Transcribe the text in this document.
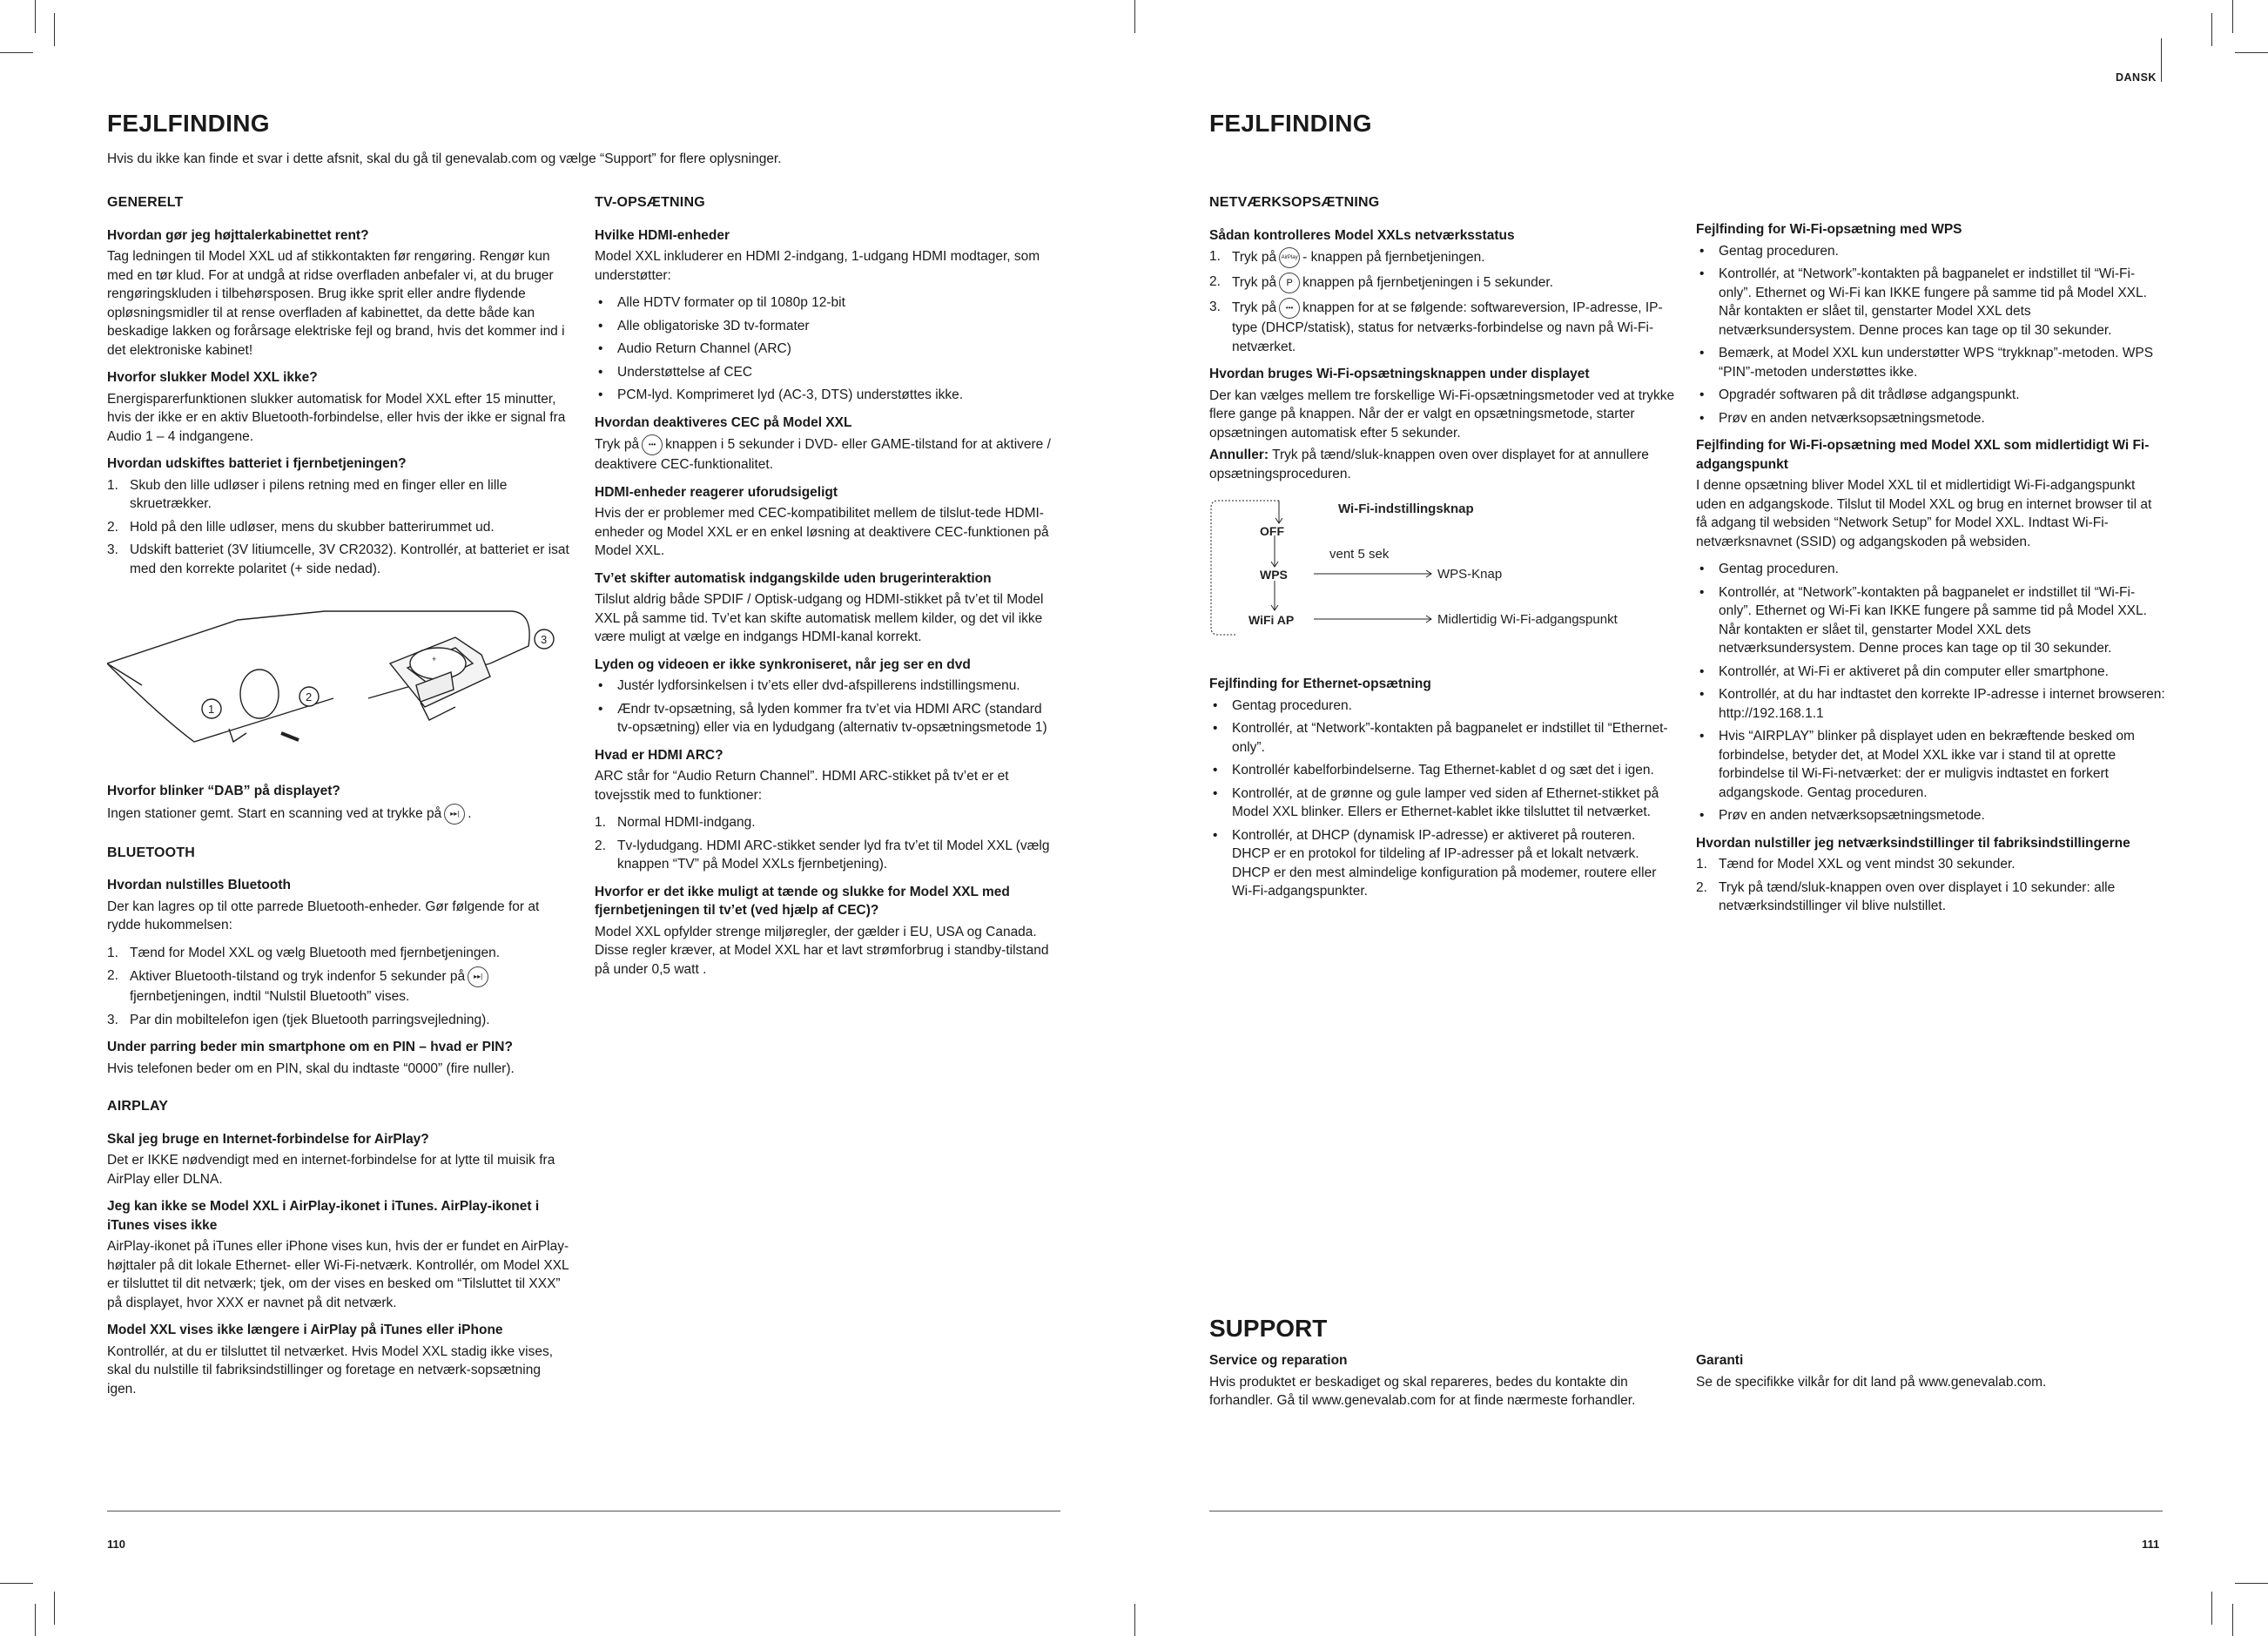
FEJLFINDING

Hvis du ikke kan finde et svar i dette afsnit, skal du gå til genevalab.com og vælge “Support” for flere oplysninger.

GENERELT
Hvordan gør jeg højttalerkabinettet rent?

Tag ledningen til Model XXL ud af stikkontakten før rengøring. Rengør kun med en tør klud. For at undgå at ridse overfladen anbefaler vi, at du bruger rengøringskluden i tilbehørsposen. Brug ikke sprit eller andre flydende opløsningsmidler til at rense overfladen af kabinettet, da dette både kan beskadige lakken og forårsage elektriske fejl og brand, hvis det kommer ind i det elektroniske kabinet!

Hvorfor slukker Model XXL ikke?

Energisparerfunktionen slukker automatisk for Model XXL efter 15 minutter, hvis der ikke er en aktiv Bluetooth-forbindelse, eller hvis der ikke er signal fra Audio 1 – 4 indgangene.

Hvordan udskiftes batteriet i fjernbetjeningen?
1. Skub den lille udløser i pilens retning med en finger eller en lille skruetrækker.
2. Hold på den lille udløser, mens du skubber batterirummet ud.
3. Udskift batteriet (3V litiumcelle, 3V CR2032). Kontrollér, at batteriet er isat med den korrekte polaritet (+ side nedad).
+
1
2
3
Hvorfor blinker “DAB” på displayet?

Ingen stationer gemt. Start en scanning ved at trykke på ▸▸| .

BLUETOOTH
Hvordan nulstilles Bluetooth

Der kan lagres op til otte parrede Bluetooth-enheder. Gør følgende for at rydde hukommelsen:

1. Tænd for Model XXL og vælg Bluetooth med fjernbetjeningen.
2. Aktiver Bluetooth-tilstand og tryk indenfor 5 sekunder på ▸▸|
fjernbetjeningen, indtil “Nulstil Bluetooth” vises.
3. Par din mobiltelefon igen (tjek Bluetooth parringsvejledning).
Under parring beder min smartphone om en PIN – hvad er PIN?

Hvis telefonen beder om en PIN, skal du indtaste “0000” (fire nuller).

AIRPLAY
Skal jeg bruge en Internet-forbindelse for AirPlay?

Det er IKKE nødvendigt med en internet-forbindelse for at lytte til muisik fra AirPlay eller DLNA.

Jeg kan ikke se Model XXL i AirPlay-ikonet i iTunes. AirPlay-ikonet i iTunes vises ikke

AirPlay-ikonet på iTunes eller iPhone vises kun, hvis der er fundet en AirPlay-højttaler på dit lokale Ethernet- eller Wi-Fi-netværk. Kontrollér, om Model XXL er tilsluttet til dit netværk; tjek, om der vises en besked om “Tilsluttet til XXX” på displayet, hvor XXX er navnet på dit netværk.

Model XXL vises ikke længere i AirPlay på iTunes eller iPhone

Kontrollér, at du er tilsluttet til netværket. Hvis Model XXL stadig ikke vises, skal du nulstille til fabriksindstillinger og foretage en netværk-sopsætning igen.

TV-OPSÆTNING
Hvilke HDMI-enheder

Model XXL inkluderer en HDMI 2-indgang, 1-udgang HDMI modtager, som understøtter:

• Alle HDTV formater op til 1080p 12-bit
• Alle obligatoriske 3D tv-formater
• Audio Return Channel (ARC)
• Understøttelse af CEC
• PCM-lyd. Komprimeret lyd (AC-3, DTS) understøttes ikke.
Hvordan deaktiveres CEC på Model XXL

Tryk på ••• knappen i 5 sekunder i DVD- eller GAME-tilstand for at aktivere / deaktivere CEC-funktionalitet.

HDMI-enheder reagerer uforudsigeligt

Hvis der er problemer med CEC-kompatibilitet mellem de tilslut-tede HDMI-enheder og Model XXL er en enkel løsning at deaktivere CEC-funktionen på Model XXL.

Tv’et skifter automatisk indgangskilde uden brugerinteraktion

Tilslut aldrig både SPDIF / Optisk-udgang og HDMI-stikket på tv’et til Model XXL på samme tid. Tv’et kan skifte automatisk mellem kilder, og det vil ikke være muligt at vælge en indgangs HDMI-kanal korrekt.

Lyden og videoen er ikke synkroniseret, når jeg ser en dvd
• Justér lydforsinkelsen i tv’ets eller dvd-afspillerens indstillingsmenu.
• Ændr tv-opsætning, så lyden kommer fra tv’et via HDMI ARC (standard tv-opsætning) eller via en lydudgang (alternativ tv-opsætningsmetode 1)
Hvad er HDMI ARC?

ARC står for “Audio Return Channel”. HDMI ARC-stikket på tv’et er et tovejsstik med to funktioner:

1. Normal HDMI-indgang.
2. Tv-lydudgang. HDMI ARC-stikket sender lyd fra tv’et til Model XXL (vælg knappen “TV” på Model XXLs fjernbetjening).
Hvorfor er det ikke muligt at tænde og slukke for Model XXL med fjernbetjeningen til tv’et (ved hjælp af CEC)?

Model XXL opfylder strenge miljøregler, der gælder i EU, USA og Canada. Disse regler kræver, at Model XXL har et lavt strømforbrug i standby-tilstand på under 0,5 watt .

110
DANSK
FEJLFINDING
NETVÆRKSOPSÆTNING
Sådan kontrolleres Model XXLs netværksstatus
1. Tryk på AirPlay - knappen på fjernbetjeningen.
2. Tryk på P knappen på fjernbetjeningen i 5 sekunder.
3. Tryk på ••• knappen for at se følgende: softwareversion, IP-adresse, IP-type (DHCP/statisk), status for netværks-forbindelse og navn på Wi-Fi-netværket.
Hvordan bruges Wi-Fi-opsætningsknappen under displayet

Der kan vælges mellem tre forskellige Wi-Fi-opsætningsmetoder ved at trykke flere gange på knappen. Når der er valgt en opsætningsmetode, starter opsætningen automatisk efter 5 sekunder.

Annuller: Tryk på tænd/sluk-knappen oven over displayet for at annullere opsætningsproceduren.

Wi-Fi-indstillingsknap
OFF
WPS
WiFi AP
vent 5 sek
WPS-Knap
Midlertidig Wi-Fi-adgangspunkt
Fejlfinding for Ethernet-opsætning
• Gentag proceduren.
• Kontrollér, at “Network”-kontakten på bagpanelet er indstillet til “Ethernet-only”.
• Kontrollér kabelforbindelserne. Tag Ethernet-kablet d og sæt det i igen.
• Kontrollér, at de grønne og gule lamper ved siden af Ethernet-stikket på Model XXL blinker. Ellers er Ethernet-kablet ikke tilsluttet til netværket.
• Kontrollér, at DHCP (dynamisk IP-adresse) er aktiveret på routeren. DHCP er en protokol for tildeling af IP-adresser på et lokalt netværk. DHCP er den mest almindelige konfiguration på modemer, routere eller Wi-Fi-adgangspunkter.
Fejlfinding for Wi-Fi-opsætning med WPS
• Gentag proceduren.
• Kontrollér, at “Network”-kontakten på bagpanelet er indstillet til “Wi-Fi-only”. Ethernet og Wi-Fi kan IKKE fungere på samme tid på Model XXL. Når kontakten er slået til, genstarter Model XXL dets netværksundersystem. Denne proces kan tage op til 30 sekunder.
• Bemærk, at Model XXL kun understøtter WPS “trykknap”-metoden. WPS “PIN”-metoden understøttes ikke.
• Opgradér softwaren på dit trådløse adgangspunkt.
• Prøv en anden netværksopsætningsmetode.
Fejlfinding for Wi-Fi-opsætning med Model XXL som midlertidigt Wi Fi-adgangspunkt

I denne opsætning bliver Model XXL til et midlertidigt Wi-Fi-adgangspunkt uden en adgangskode. Tilslut til Model XXL og brug en internet browser til at få adgang til websiden “Network Setup” for Model XXL. Indtast Wi-Fi-netværksnavnet (SSID) og adgangskoden på websiden.

• Gentag proceduren.
• Kontrollér, at “Network”-kontakten på bagpanelet er indstillet til “Wi-Fi-only”. Ethernet og Wi-Fi kan IKKE fungere på samme tid på Model XXL. Når kontakten er slået til, genstarter Model XXL dets netværksundersystem. Denne proces kan tage op til 30 sekunder.
• Kontrollér, at Wi-Fi er aktiveret på din computer eller smartphone.
• Kontrollér, at du har indtastet den korrekte IP-adresse i internet browseren: http://192.168.1.1
• Hvis “AIRPLAY” blinker på displayet uden en bekræftende besked om forbindelse, betyder det, at Model XXL ikke var i stand til at oprette forbindelse til Wi-Fi-netværket: der er muligvis indtastet en forkert adgangskode. Gentag proceduren.
• Prøv en anden netværksopsætningsmetode.
Hvordan nulstiller jeg netværksindstillinger til fabriksindstillingerne
1. Tænd for Model XXL og vent mindst 30 sekunder.
2. Tryk på tænd/sluk-knappen oven over displayet i 10 sekunder: alle netværksindstillinger vil blive nulstillet.
SUPPORT
Service og reparation

Hvis produktet er beskadiget og skal repareres, bedes du kontakte din forhandler. Gå til www.genevalab.com for at finde nærmeste forhandler.

Garanti

Se de specifikke vilkår for dit land på www.genevalab.com.

111
